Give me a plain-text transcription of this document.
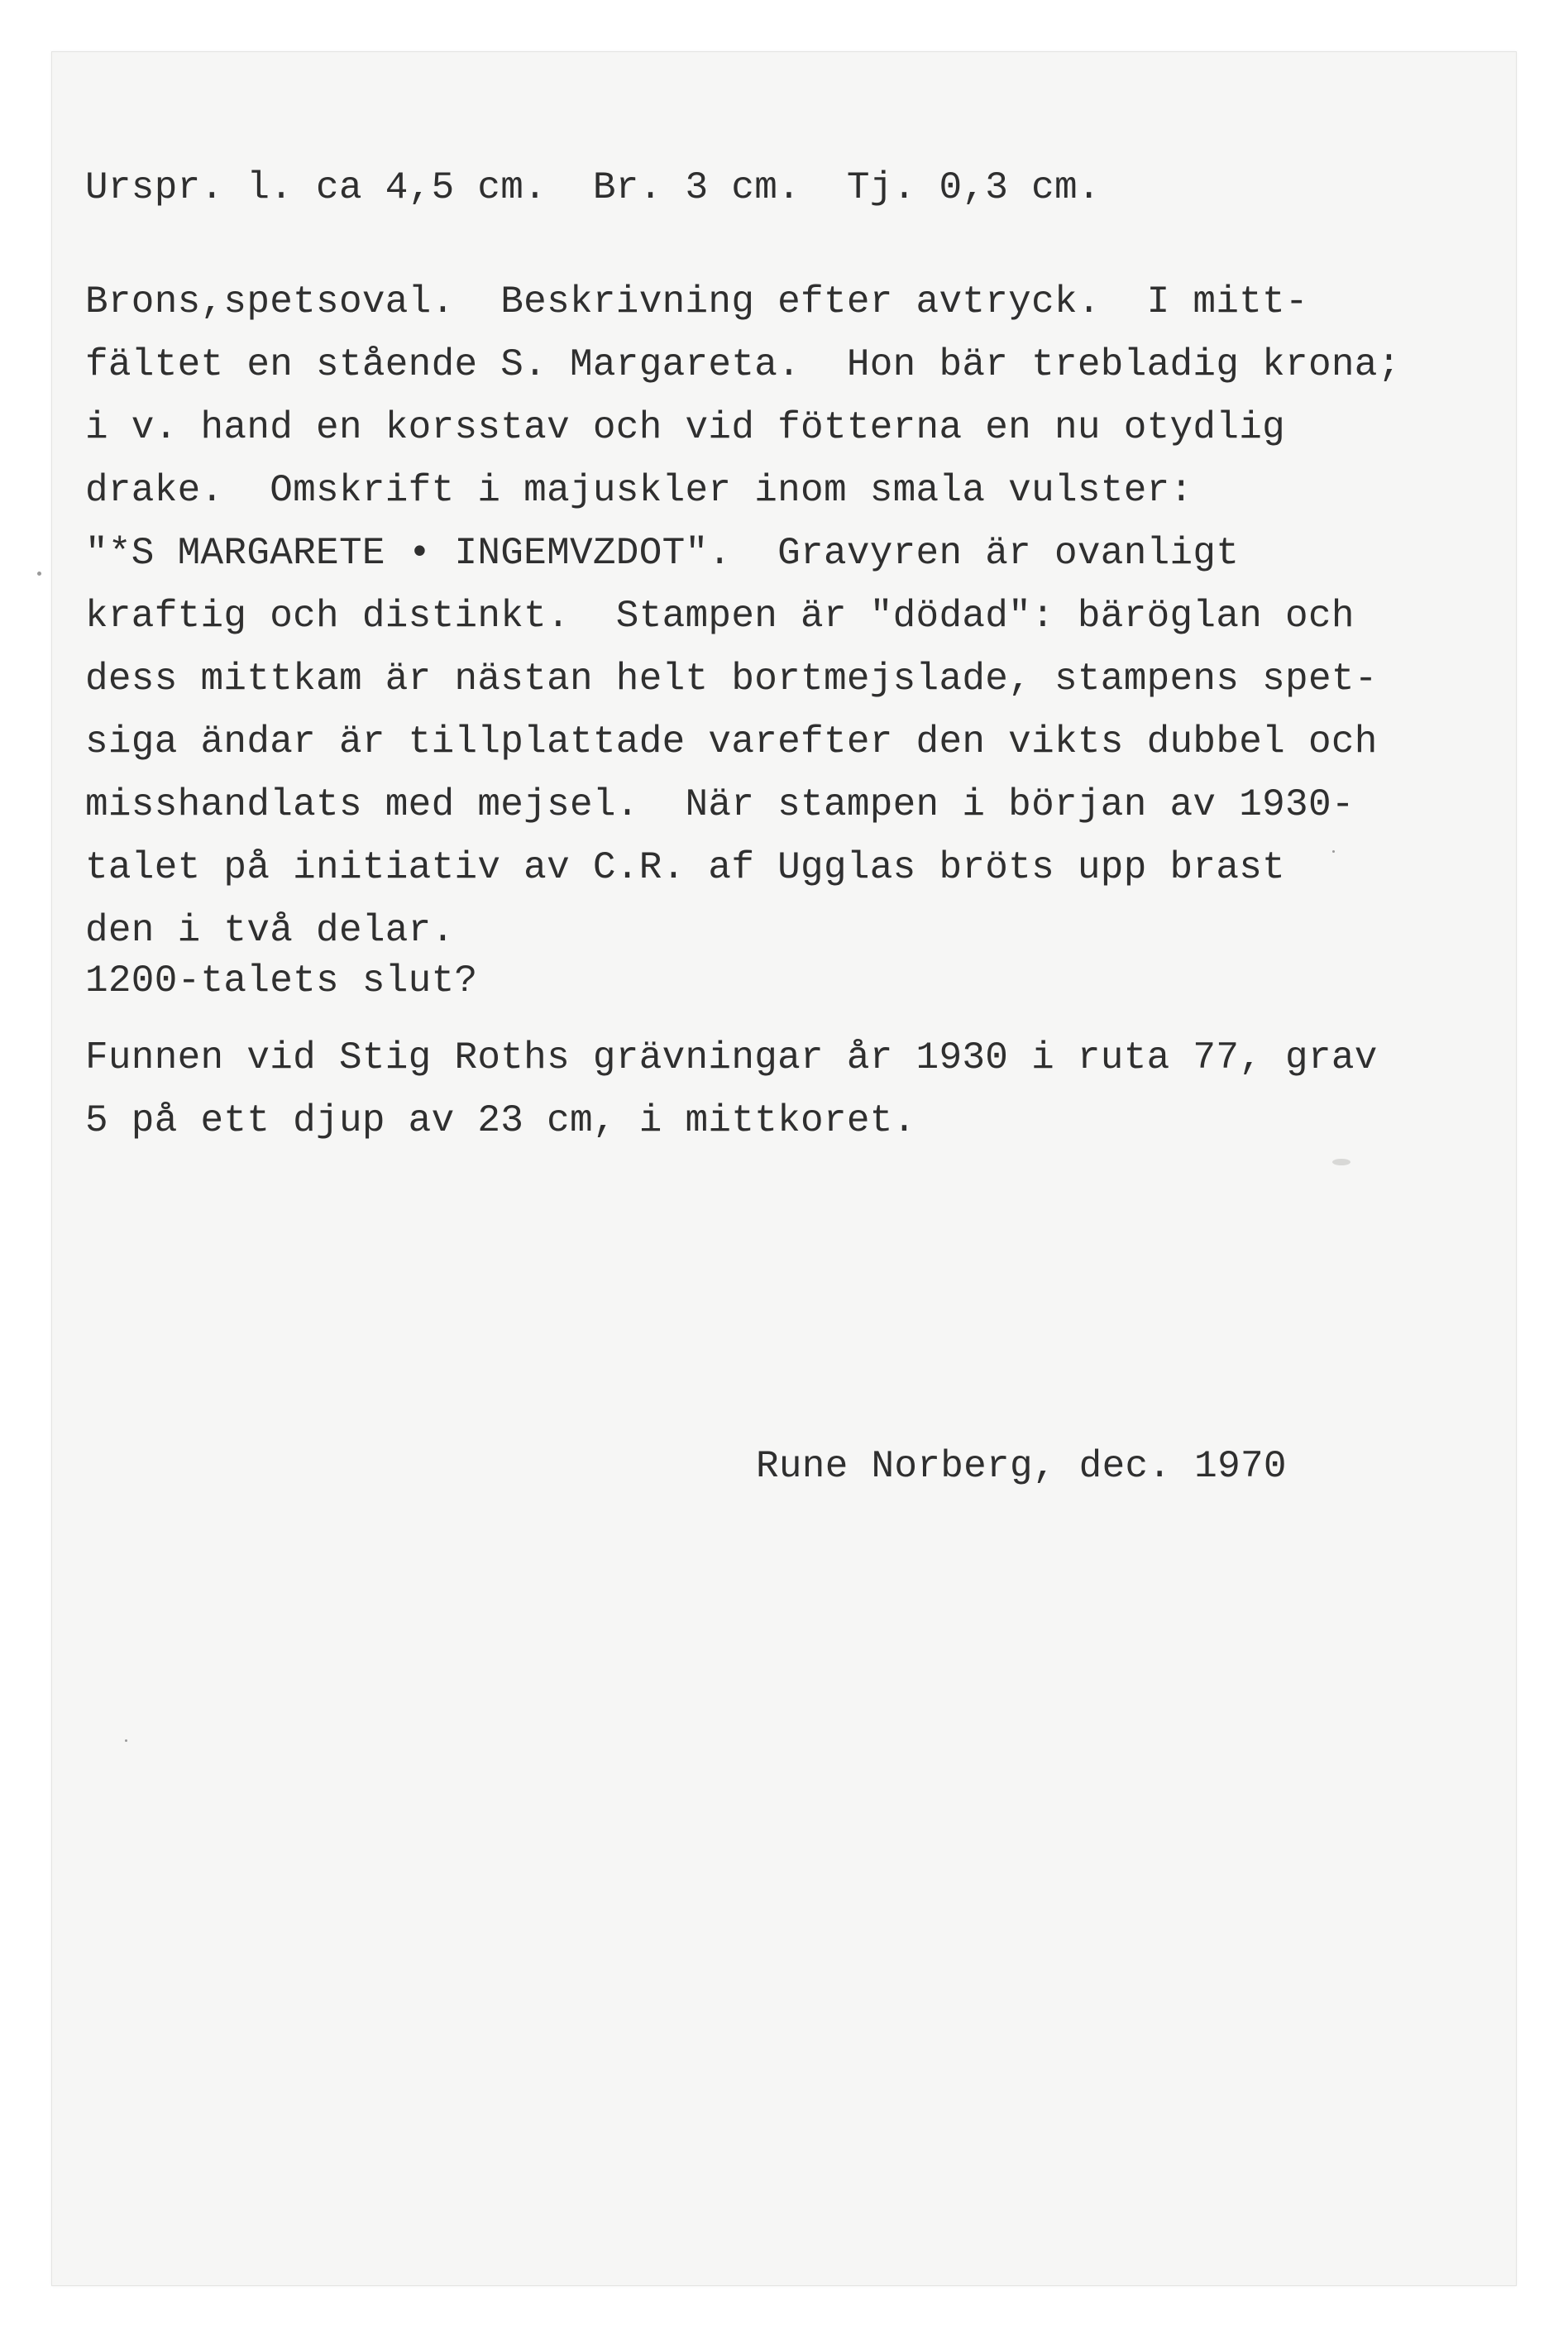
Urspr. l. ca 4,5 cm.  Br. 3 cm.  Tj. 0,3 cm.
Brons,spetsoval.  Beskrivning efter avtryck.  I mitt-
fältet en stående S. Margareta.  Hon bär trebladig krona;
i v. hand en korsstav och vid fötterna en nu otydlig
drake.  Omskrift i majuskler inom smala vulster:
"*S MARGARETE • INGEMVZDOT".  Gravyren är ovanligt
kraftig och distinkt.  Stampen är "dödad": bäröglan och
dess mittkam är nästan helt bortmejslade, stampens spet-
siga ändar är tillplattade varefter den vikts dubbel och
misshandlats med mejsel.  När stampen i början av 1930-
talet på initiativ av C.R. af Ugglas bröts upp brast
den i två delar.
1200-talets slut?
Funnen vid Stig Roths grävningar år 1930 i ruta 77, grav
5 på ett djup av 23 cm, i mittkoret.
Rune Norberg, dec. 1970
